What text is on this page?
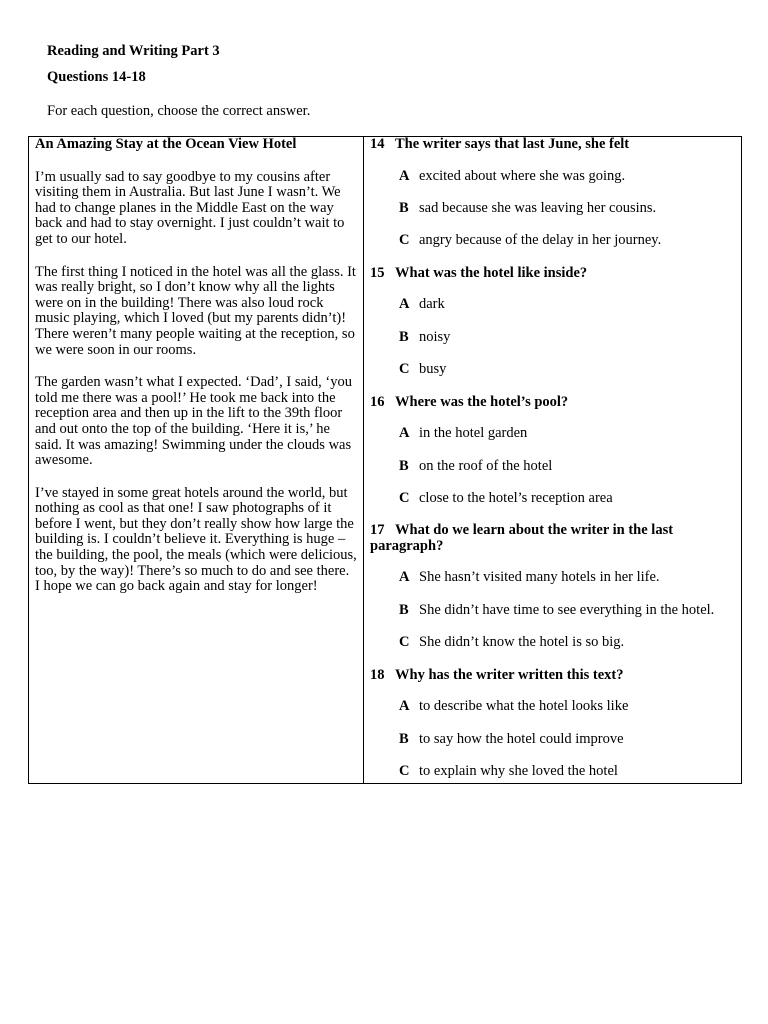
Reading and Writing Part 3
Questions 14-18
For each question, choose the correct answer.
An Amazing Stay at the Ocean View Hotel

I’m usually sad to say goodbye to my cousins after visiting them in Australia. But last June I wasn’t. We had to change planes in the Middle East on the way back and had to stay overnight. I just couldn’t wait to get to our hotel.

The first thing I noticed in the hotel was all the glass. It was really bright, so I don’t know why all the lights were on in the building! There was also loud rock music playing, which I loved (but my parents didn’t)! There weren’t many people waiting at the reception, so we were soon in our rooms.

The garden wasn’t what I expected. ‘Dad’, I said, ‘you told me there was a pool!’ He took me back into the reception area and then up in the lift to the 39th floor and out onto the top of the building. ‘Here it is,’ he said. It was amazing! Swimming under the clouds was awesome.

I’ve stayed in some great hotels around the world, but nothing as cool as that one! I saw photographs of it before I went, but they don’t really show how large the building is. I couldn’t believe it. Everything is huge – the building, the pool, the meals (which were delicious, too, by the way)! There’s so much to do and see there. I hope we can go back again and stay for longer!

14 The writer says that last June, she felt
A excited about where she was going.
B sad because she was leaving her cousins.
C angry because of the delay in her journey.
15 What was the hotel like inside?
A dark
B noisy
C busy
16 Where was the hotel’s pool?
A in the hotel garden
B on the roof of the hotel
C close to the hotel’s reception area
17 What do we learn about the writer in the last paragraph?
A She hasn’t visited many hotels in her life.
B She didn’t have time to see everything in the hotel.
C She didn’t know the hotel is so big.
18 Why has the writer written this text?
A to describe what the hotel looks like
B to say how the hotel could improve
C to explain why she loved the hotel
